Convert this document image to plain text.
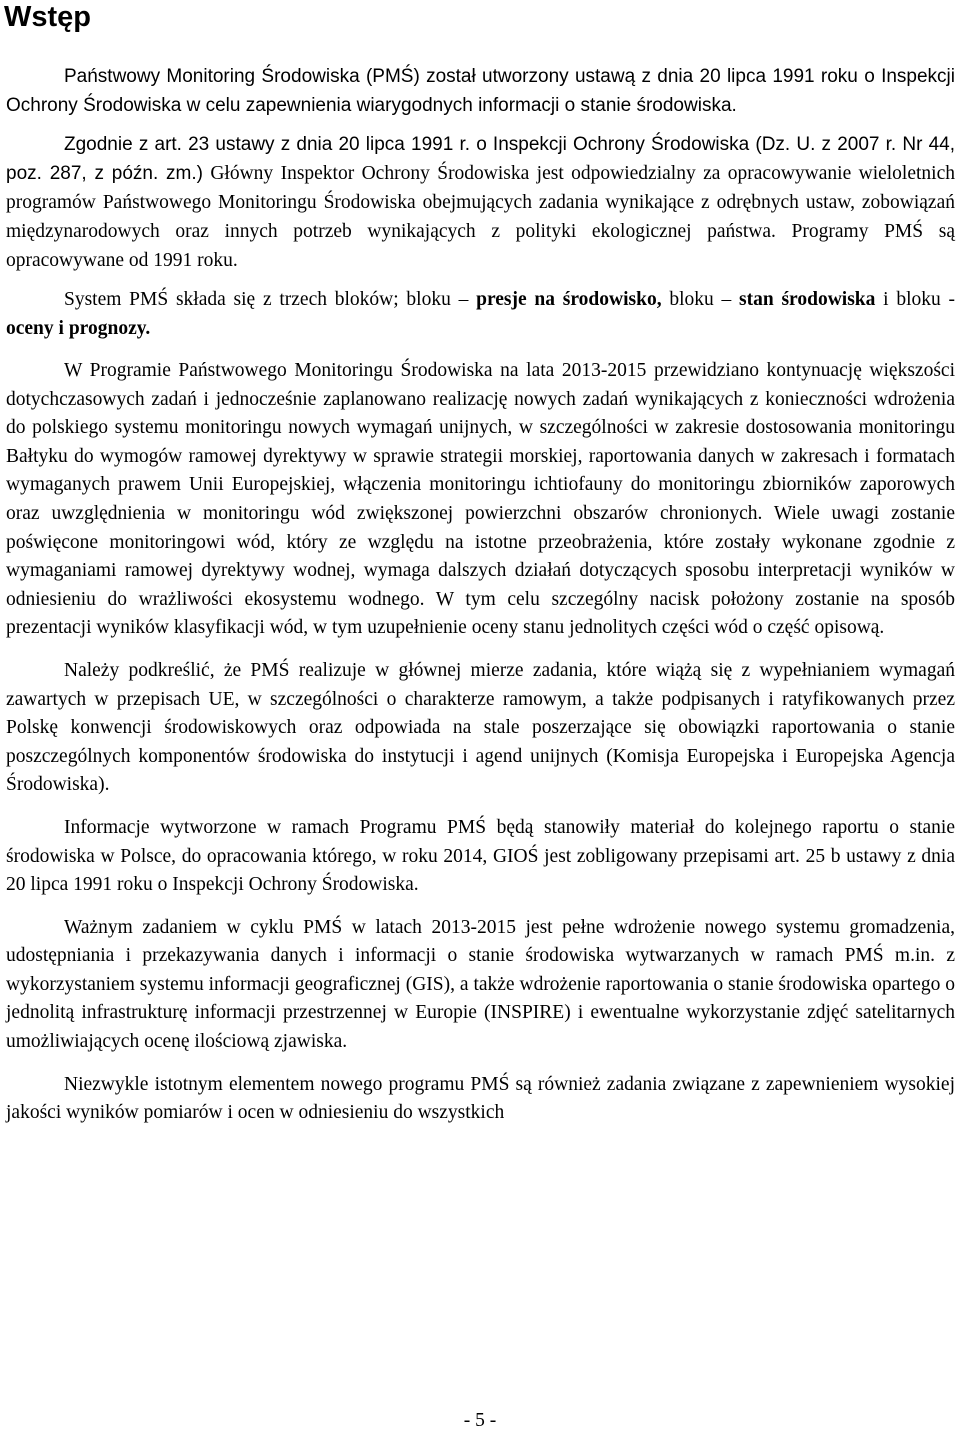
Wstęp

Państwowy Monitoring Środowiska (PMŚ) został utworzony ustawą z dnia 20 lipca 1991 roku o Inspekcji Ochrony Środowiska w celu zapewnienia wiarygodnych informacji o stanie środowiska.

Zgodnie z art. 23 ustawy z dnia 20 lipca 1991 r. o Inspekcji Ochrony Środowiska (Dz. U. z 2007 r. Nr 44, poz. 287, z późn. zm.) Główny Inspektor Ochrony Środowiska jest odpowiedzialny za opracowywanie wieloletnich programów Państwowego Monitoringu Środowiska obejmujących zadania wynikające z odrębnych ustaw, zobowiązań międzynarodowych oraz innych potrzeb wynikających z polityki ekologicznej państwa. Programy PMŚ są opracowywane od 1991 roku.

System PMŚ składa się z trzech bloków; bloku – presje na środowisko, bloku – stan środowiska i bloku - oceny i prognozy.

W Programie Państwowego Monitoringu Środowiska na lata 2013-2015 przewidziano kontynuację większości dotychczasowych zadań i jednocześnie zaplanowano realizację nowych zadań wynikających z konieczności wdrożenia do polskiego systemu monitoringu nowych wymagań unijnych, w szczególności w zakresie dostosowania monitoringu Bałtyku do wymogów ramowej dyrektywy w sprawie strategii morskiej, raportowania danych w zakresach i formatach wymaganych prawem Unii Europejskiej, włączenia monitoringu ichtiofauny do monitoringu zbiorników zaporowych oraz uwzględnienia w monitoringu wód zwiększonej powierzchni obszarów chronionych. Wiele uwagi zostanie poświęcone monitoringowi wód, który ze względu na istotne przeobrażenia, które zostały wykonane zgodnie z wymaganiami ramowej dyrektywy wodnej, wymaga dalszych działań dotyczących sposobu interpretacji wyników w odniesieniu do wrażliwości ekosystemu wodnego. W tym celu szczególny nacisk położony zostanie na sposób prezentacji wyników klasyfikacji wód, w tym uzupełnienie oceny stanu jednolitych części wód o część opisową.

Należy podkreślić, że PMŚ realizuje w głównej mierze zadania, które wiążą się z wypełnianiem wymagań zawartych w przepisach UE, w szczególności o charakterze ramowym, a także podpisanych i ratyfikowanych przez Polskę konwencji środowiskowych oraz odpowiada na stale poszerzające się obowiązki raportowania o stanie poszczególnych komponentów środowiska do instytucji i agend unijnych (Komisja Europejska i Europejska Agencja Środowiska).

Informacje wytworzone w ramach Programu PMŚ będą stanowiły materiał do kolejnego raportu o stanie środowiska w Polsce, do opracowania którego, w roku 2014, GIOŚ jest zobligowany przepisami art. 25 b ustawy z dnia 20 lipca 1991 roku o Inspekcji Ochrony Środowiska.

Ważnym zadaniem w cyklu PMŚ w latach 2013-2015 jest pełne wdrożenie nowego systemu gromadzenia, udostępniania i przekazywania danych i informacji o stanie środowiska wytwarzanych w ramach PMŚ m.in. z wykorzystaniem systemu informacji geograficznej (GIS), a także wdrożenie raportowania o stanie środowiska opartego o jednolitą infrastrukturę informacji przestrzennej w Europie (INSPIRE) i ewentualne wykorzystanie zdjęć satelitarnych umożliwiających ocenę ilościową zjawiska.

Niezwykle istotnym elementem nowego programu PMŚ są również zadania związane z zapewnieniem wysokiej jakości wyników pomiarów i ocen w odniesieniu do wszystkich

- 5 -
